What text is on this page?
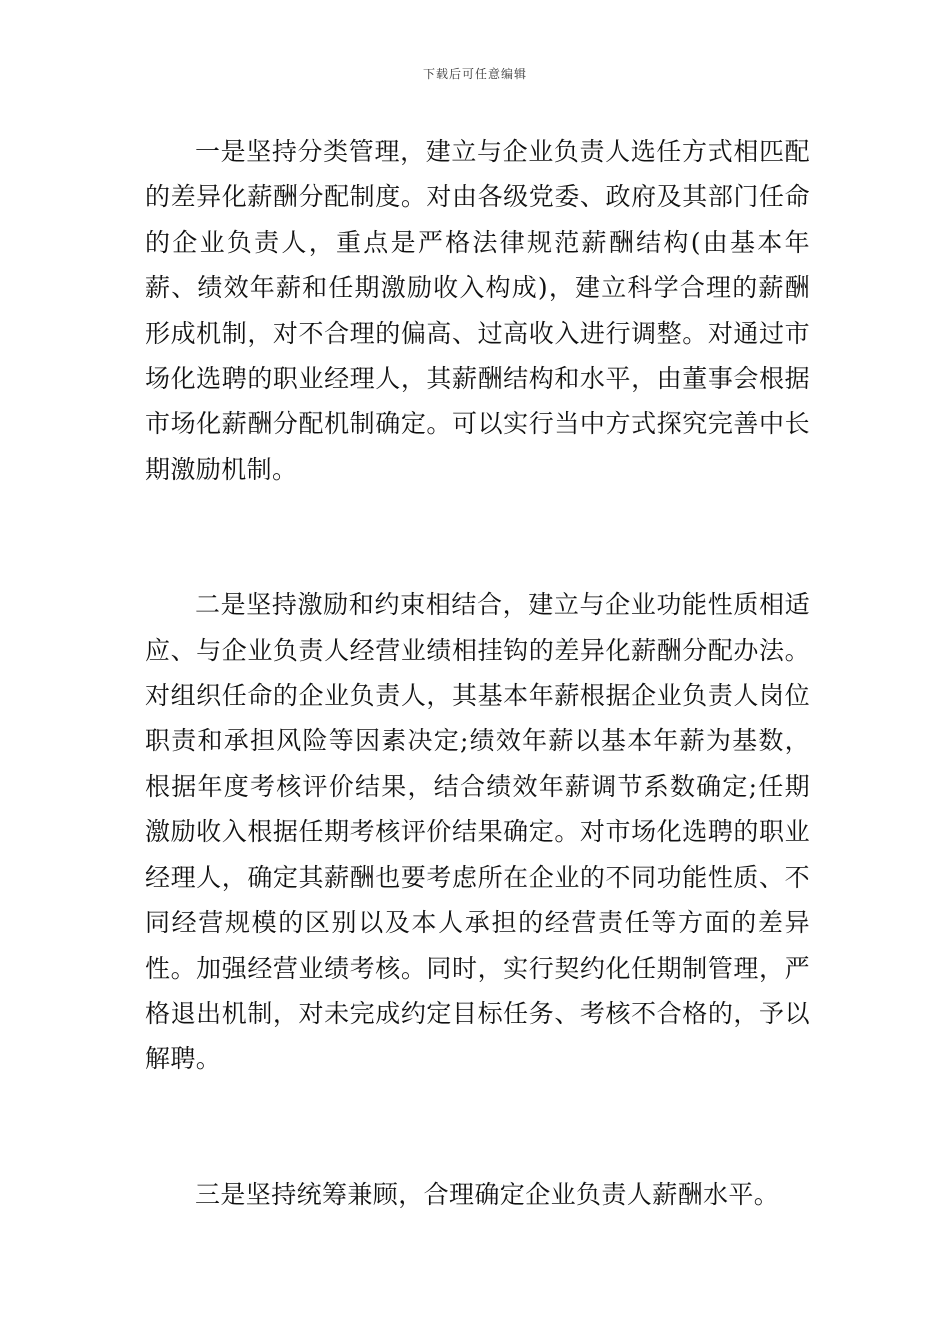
下载后可任意编辑

一是坚持分类管理，建立与企业负责人选任方式相匹配的差异化薪酬分配制度。对由各级党委、政府及其部门任命的企业负责人，重点是严格法律规范薪酬结构(由基本年薪、绩效年薪和任期激励收入构成)，建立科学合理的薪酬形成机制，对不合理的偏高、过高收入进行调整。对通过市场化选聘的职业经理人，其薪酬结构和水平，由董事会根据市场化薪酬分配机制确定。可以实行当中方式探究完善中长期激励机制。

二是坚持激励和约束相结合，建立与企业功能性质相适应、与企业负责人经营业绩相挂钩的差异化薪酬分配办法。对组织任命的企业负责人，其基本年薪根据企业负责人岗位职责和承担风险等因素决定;绩效年薪以基本年薪为基数，根据年度考核评价结果，结合绩效年薪调节系数确定;任期激励收入根据任期考核评价结果确定。对市场化选聘的职业经理人，确定其薪酬也要考虑所在企业的不同功能性质、不同经营规模的区别以及本人承担的经营责任等方面的差异性。加强经营业绩考核。同时，实行契约化任期制管理，严格退出机制，对未完成约定目标任务、考核不合格的，予以解聘。

三是坚持统筹兼顾，合理确定企业负责人薪酬水平。
